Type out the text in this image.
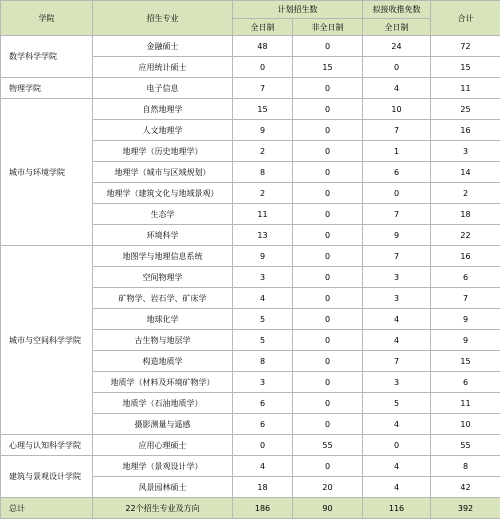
学院	招生专业	计划招生数		拟接收推免数	合计
		全日制	非全日制	全日制	
数学科学学院	金融硕士	48	0	24	72
	应用统计硕士	0	15	0	15
物理学院	电子信息	7	0	4	11
城市与环境学院	自然地理学	15	0	10	25
	人文地理学	9	0	7	16
	地理学（历史地理学）	2	0	1	3
	地理学（城市与区域规划）	8	0	6	14
	地理学（建筑文化与地域景观）	2	0	0	2
	生态学	11	0	7	18
	环境科学	13	0	9	22
城市与空间科学学院	地图学与地理信息系统	9	0	7	16
	空间物理学	3	0	3	6
	矿物学、岩石学、矿床学	4	0	3	7
	地球化学	5	0	4	9
	古生物与地层学	5	0	4	9
	构造地质学	8	0	7	15
	地质学（材料及环境矿物学）	3	0	3	6
	地质学（石油地质学）	6	0	5	11
	摄影测量与遥感	6	0	4	10
心理与认知科学学院	应用心理硕士	0	55	0	55
建筑与景观设计学院	地理学（景观设计学）	4	0	4	8
	风景园林硕士	18	20	4	42
总计	22个招生专业及方向	186	90	116	392
